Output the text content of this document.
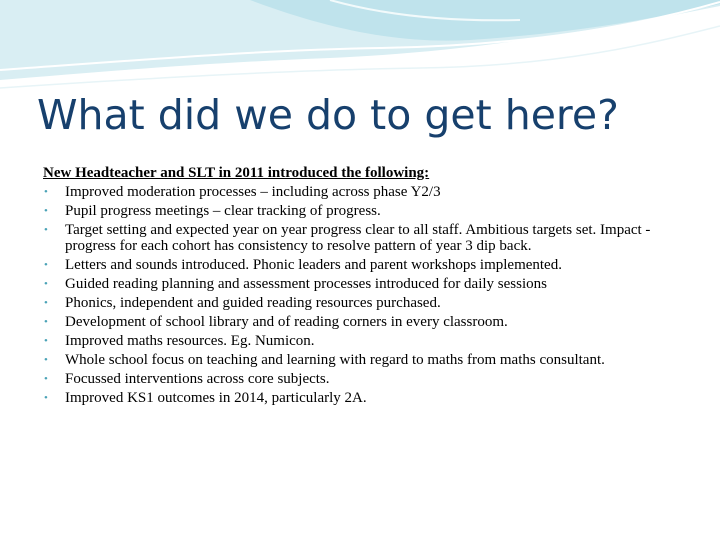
What did we do to get here?

New Headteacher and SLT in 2011 introduced the following:

• Improved moderation processes – including across phase Y2/3
• Pupil progress meetings – clear tracking of progress.
• Target setting and expected year on year progress clear to all staff. Ambitious targets set. Impact - progress for each cohort has consistency to resolve pattern of year 3 dip back.
• Letters and sounds introduced. Phonic leaders and parent workshops implemented.
• Guided reading planning and assessment processes introduced for daily sessions
• Phonics, independent and guided reading resources purchased.
• Development of school library and of reading corners in every classroom.
• Improved maths resources. Eg. Numicon.
• Whole school focus on teaching and learning with regard to maths from maths consultant.
• Focussed interventions across core subjects.
• Improved KS1 outcomes in 2014, particularly 2A.
